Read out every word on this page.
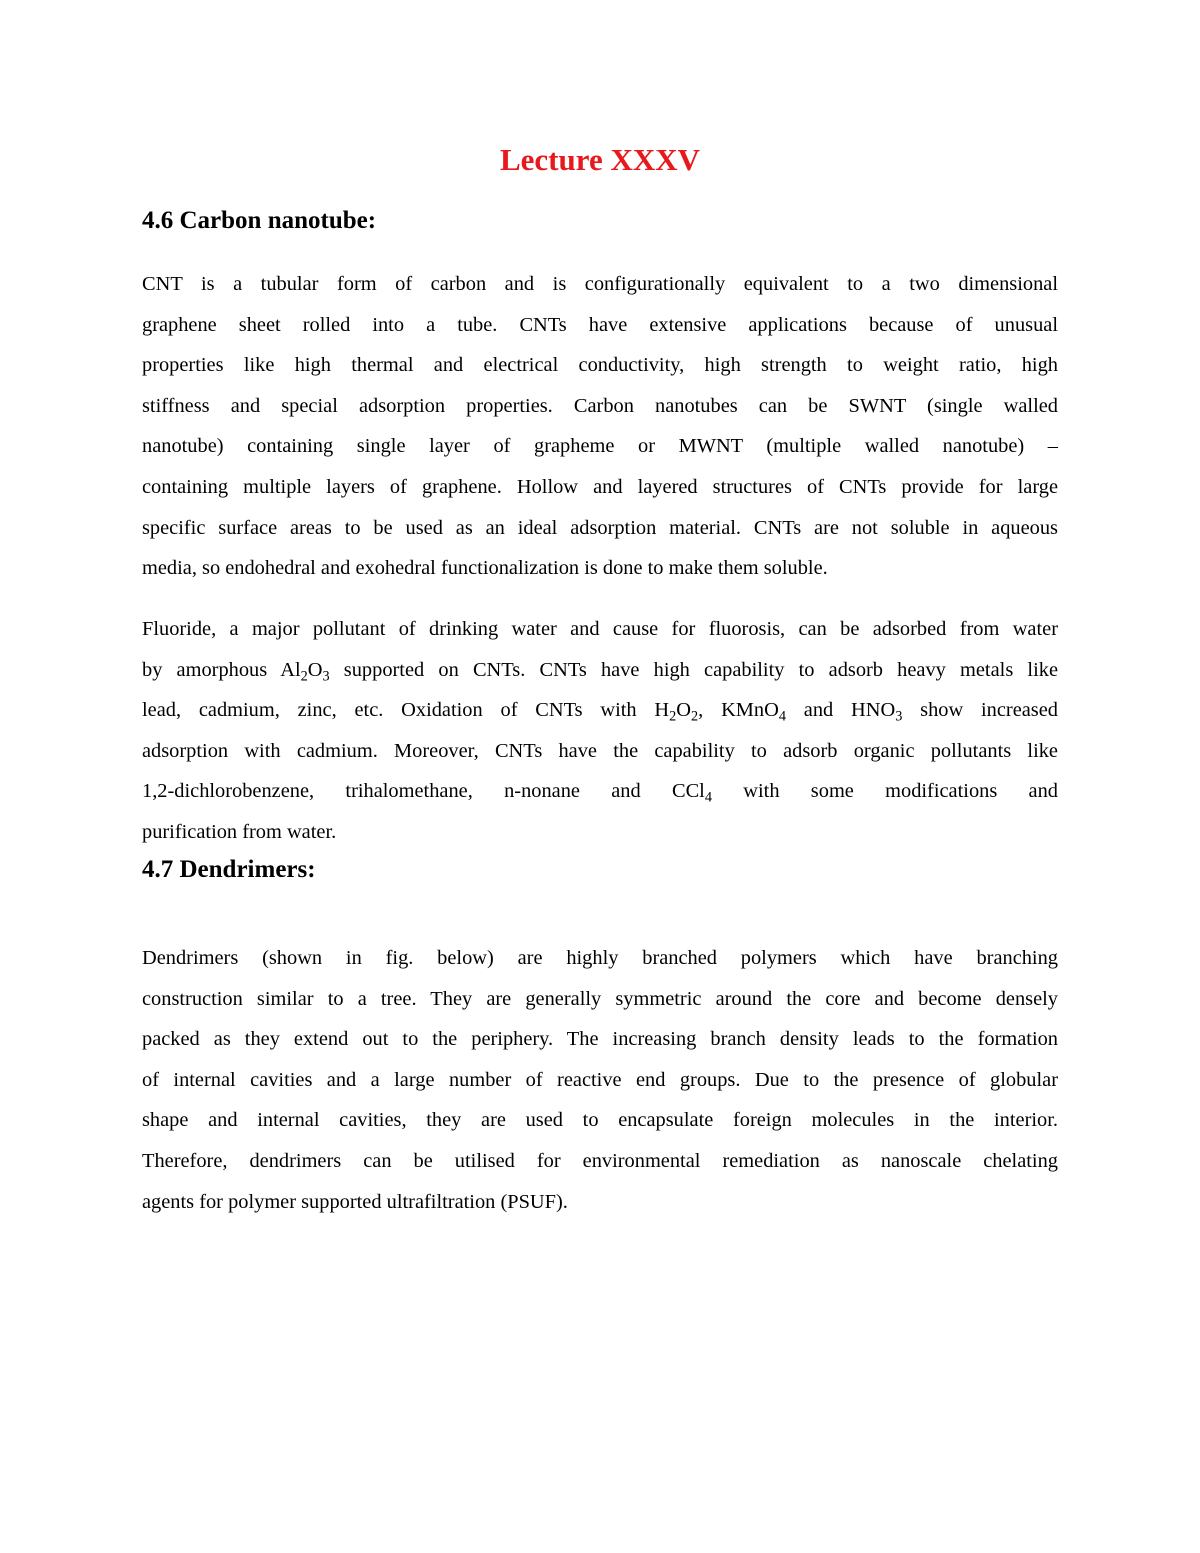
Lecture XXXV
4.6 Carbon nanotube:
CNT is a tubular form of carbon and is configurationally equivalent to a two dimensional
graphene sheet rolled into a tube. CNTs have extensive applications because of unusual
properties like high thermal and electrical conductivity, high strength to weight ratio, high
stiffness and special adsorption properties. Carbon nanotubes can be SWNT (single walled
nanotube) containing single layer of grapheme or MWNT (multiple walled nanotube) –
containing multiple layers of graphene. Hollow and layered structures of CNTs provide for large
specific surface areas to be used as an ideal adsorption material. CNTs are not soluble in aqueous
media, so endohedral and exohedral functionalization is done to make them soluble.
Fluoride, a major pollutant of drinking water and cause for fluorosis, can be adsorbed from water
by amorphous $Al_2O_3$ supported on CNTs. CNTs have high capability to adsorb heavy metals like
lead, cadmium, zinc, etc. Oxidation of CNTs with $H_2O_2$, KMnO$_4$ and $HNO_3$ show increased
adsorption with cadmium. Moreover, CNTs have the capability to adsorb organic pollutants like
1,2-dichlorobenzene, trihalomethane, n-nonane and CCl$_4$ with some modifications and
purification from water.
4.7 Dendrimers:
Dendrimers (shown in fig. below) are highly branched polymers which have branching
construction similar to a tree. They are generally symmetric around the core and become densely
packed as they extend out to the periphery. The increasing branch density leads to the formation
of internal cavities and a large number of reactive end groups. Due to the presence of globular
shape and internal cavities, they are used to encapsulate foreign molecules in the interior.
Therefore, dendrimers can be utilised for environmental remediation as nanoscale chelating
agents for polymer supported ultrafiltration (PSUF).
